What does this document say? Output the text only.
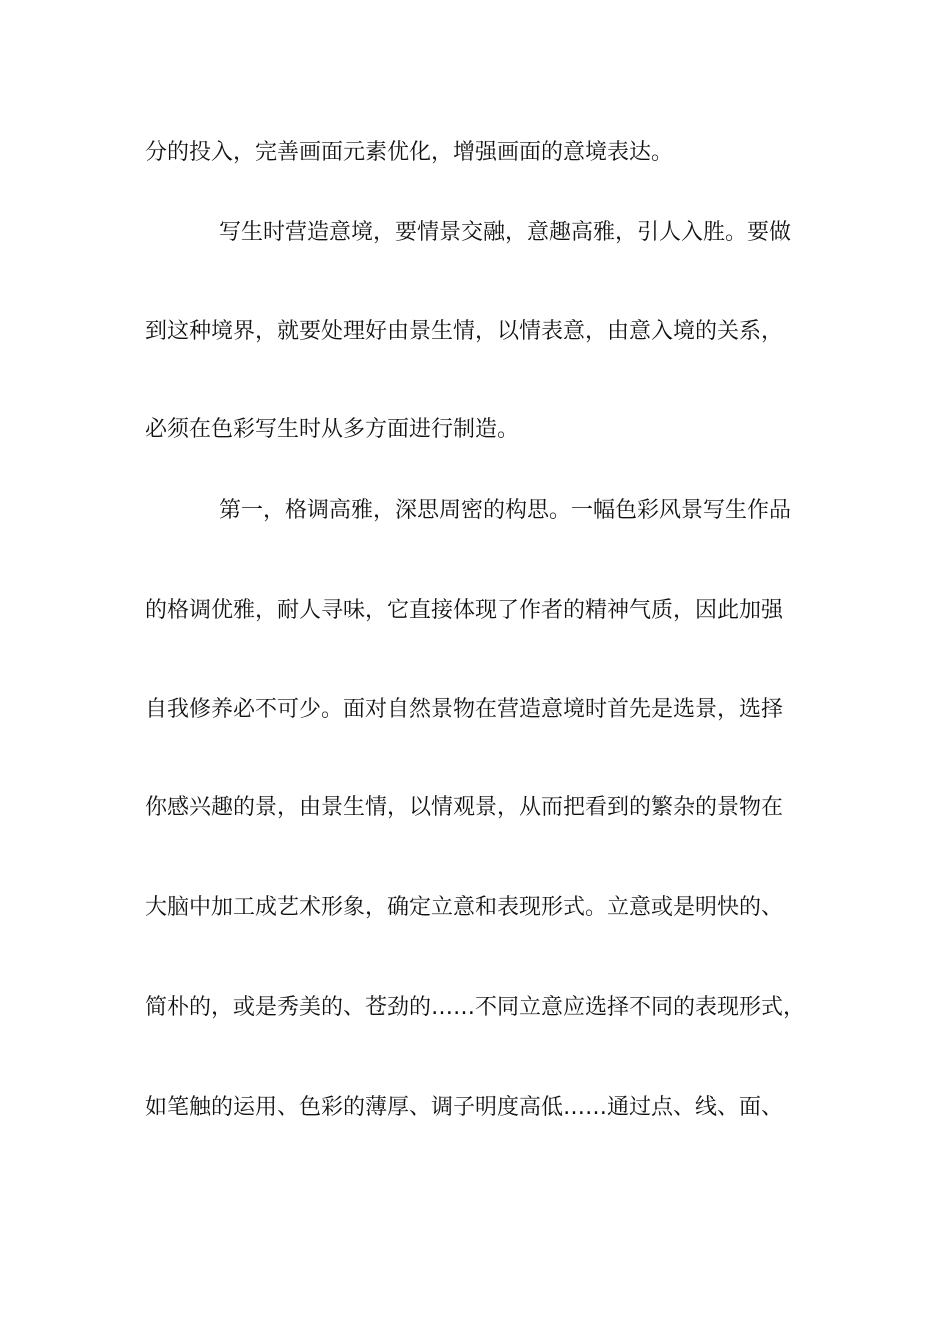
分的投入，完善画面元素优化，增强画面的意境表达。
写生时营造意境，要情景交融，意趣高雅，引人入胜。要做
到这种境界，就要处理好由景生情，以情表意，由意入境的关系，
必须在色彩写生时从多方面进行制造。
第一，格调高雅，深思周密的构思。一幅色彩风景写生作品
的格调优雅，耐人寻味，它直接体现了作者的精神气质，因此加强
自我修养必不可少。面对自然景物在营造意境时首先是选景，选择
你感兴趣的景，由景生情，以情观景，从而把看到的繁杂的景物在
大脑中加工成艺术形象，确定立意和表现形式。立意或是明快的、
简朴的，或是秀美的、苍劲的……不同立意应选择不同的表现形式，
如笔触的运用、色彩的薄厚、调子明度高低……通过点、线、面、
